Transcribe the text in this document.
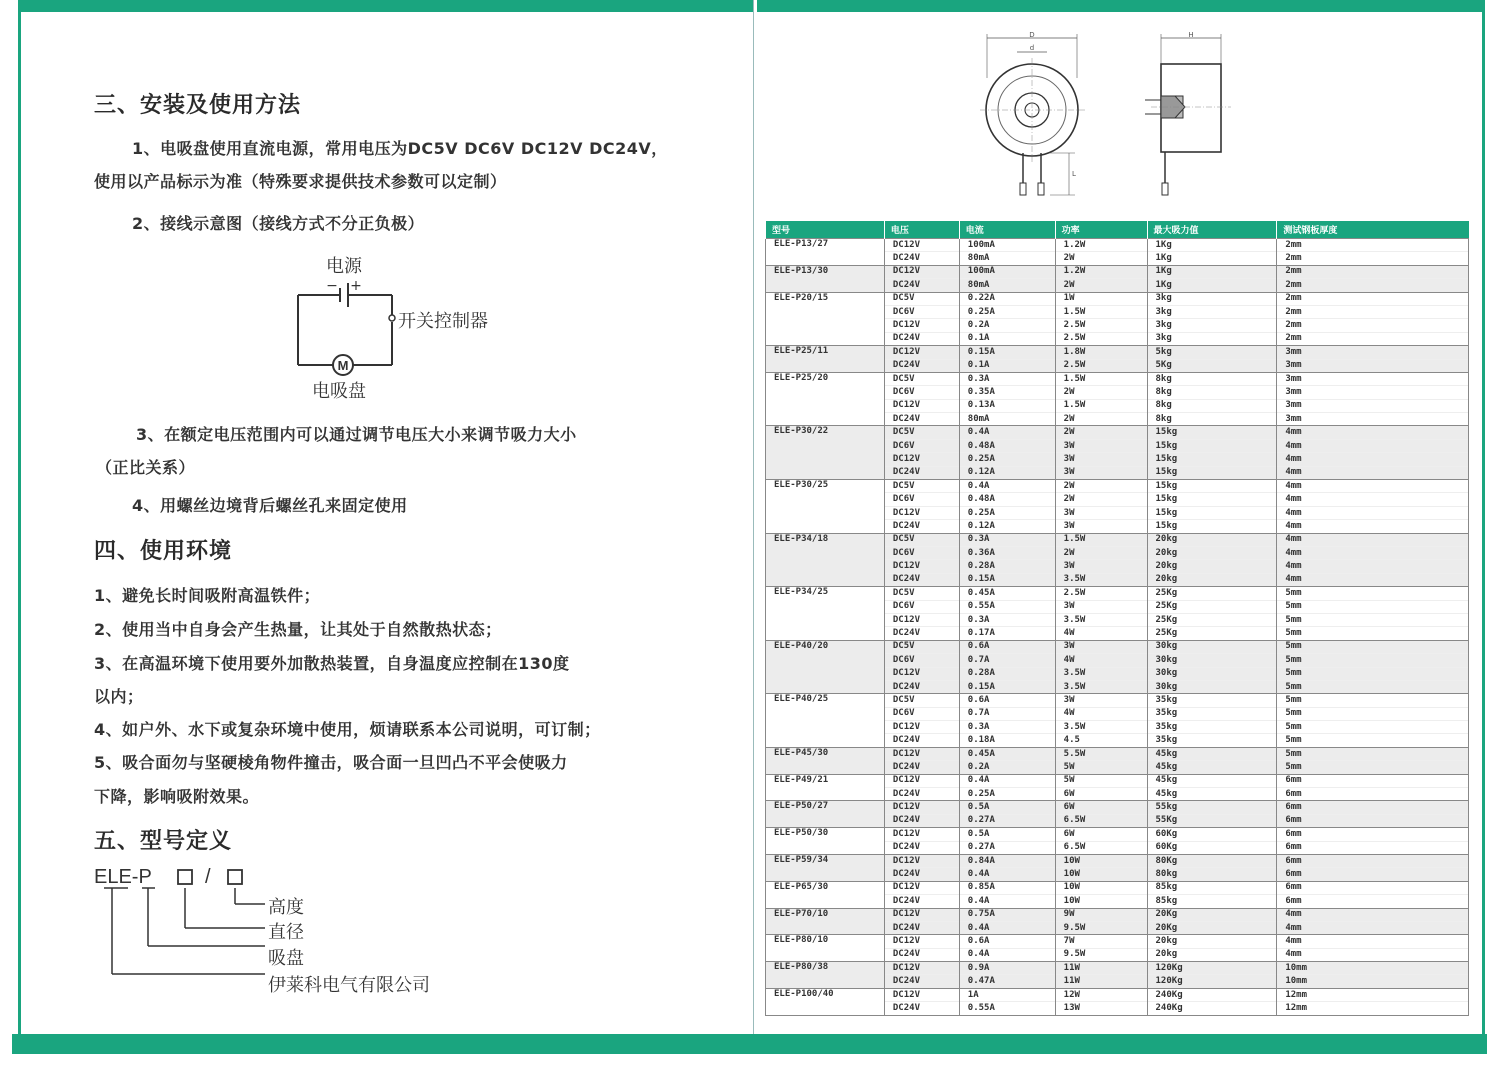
三、安装及使用方法
1、电吸盘使用直流电源，常用电压为DC5V DC6V DC12V DC24V，
使用以产品标示为准（特殊要求提供技术参数可以定制）
2、接线示意图（接线方式不分正负极）
M
− +
电源
开关控制器
电吸盘
3、在额定电压范围内可以通过调节电压大小来调节吸力大小
（正比关系）
4、用螺丝边境背后螺丝孔来固定使用
四、使用环境
1、避免长时间吸附高温铁件；
2、使用当中自身会产生热量，让其处于自然散热状态；
3、在高温环境下使用要外加散热装置，自身温度应控制在130度
以内；
4、如户外、水下或复杂环境中使用，烦请联系本公司说明，可订制；
5、吸合面勿与坚硬棱角物件撞击，吸合面一旦凹凸不平会使吸力
下降，影响吸附效果。
五、型号定义
ELE-P	/
高度
直径
吸盘
伊莱科电气有限公司
D
d
L
H
型号	电压	电流	功率	最大吸力值	测试钢板厚度
ELE-P13/27	DC12V	100mA	1.2W	1Kg	2mm
	DC24V	80mA	2W	1Kg	2mm
ELE-P13/30	DC12V	100mA	1.2W	1Kg	2mm
	DC24V	80mA	2W	1Kg	2mm
ELE-P20/15	DC5V	0.22A	1W	3kg	2mm
	DC6V	0.25A	1.5W	3kg	2mm
	DC12V	0.2A	2.5W	3kg	2mm
	DC24V	0.1A	2.5W	3kg	2mm
ELE-P25/11	DC12V	0.15A	1.8W	5kg	3mm
	DC24V	0.1A	2.5W	5Kg	3mm
ELE-P25/20	DC5V	0.3A	1.5W	8kg	3mm
	DC6V	0.35A	2W	8kg	3mm
	DC12V	0.13A	1.5W	8kg	3mm
	DC24V	80mA	2W	8kg	3mm
ELE-P30/22	DC5V	0.4A	2W	15kg	4mm
	DC6V	0.48A	3W	15kg	4mm
	DC12V	0.25A	3W	15kg	4mm
	DC24V	0.12A	3W	15kg	4mm
ELE-P30/25	DC5V	0.4A	2W	15kg	4mm
	DC6V	0.48A	2W	15kg	4mm
	DC12V	0.25A	3W	15kg	4mm
	DC24V	0.12A	3W	15kg	4mm
ELE-P34/18	DC5V	0.3A	1.5W	20kg	4mm
	DC6V	0.36A	2W	20kg	4mm
	DC12V	0.28A	3W	20kg	4mm
	DC24V	0.15A	3.5W	20kg	4mm
ELE-P34/25	DC5V	0.45A	2.5W	25Kg	5mm
	DC6V	0.55A	3W	25Kg	5mm
	DC12V	0.3A	3.5W	25Kg	5mm
	DC24V	0.17A	4W	25Kg	5mm
ELE-P40/20	DC5V	0.6A	3W	30kg	5mm
	DC6V	0.7A	4W	30kg	5mm
	DC12V	0.28A	3.5W	30kg	5mm
	DC24V	0.15A	3.5W	30kg	5mm
ELE-P40/25	DC5V	0.6A	3W	35kg	5mm
	DC6V	0.7A	4W	35kg	5mm
	DC12V	0.3A	3.5W	35kg	5mm
	DC24V	0.18A	4.5	35kg	5mm
ELE-P45/30	DC12V	0.45A	5.5W	45kg	5mm
	DC24V	0.2A	5W	45kg	5mm
ELE-P49/21	DC12V	0.4A	5W	45kg	6mm
	DC24V	0.25A	6W	45kg	6mm
ELE-P50/27	DC12V	0.5A	6W	55kg	6mm
	DC24V	0.27A	6.5W	55Kg	6mm
ELE-P50/30	DC12V	0.5A	6W	60Kg	6mm
	DC24V	0.27A	6.5W	60Kg	6mm
ELE-P59/34	DC12V	0.84A	10W	80Kg	6mm
	DC24V	0.4A	10W	80kg	6mm
ELE-P65/30	DC12V	0.85A	10W	85kg	6mm
	DC24V	0.4A	10W	85kg	6mm
ELE-P70/10	DC12V	0.75A	9W	20Kg	4mm
	DC24V	0.4A	9.5W	20Kg	4mm
ELE-P80/10	DC12V	0.6A	7W	20kg	4mm
	DC24V	0.4A	9.5W	20kg	4mm
ELE-P80/38	DC12V	0.9A	11W	120Kg	10mm
	DC24V	0.47A	11W	120Kg	10mm
ELE-P100/40	DC12V	1A	12W	240Kg	12mm
	DC24V	0.55A	13W	240Kg	12mm
